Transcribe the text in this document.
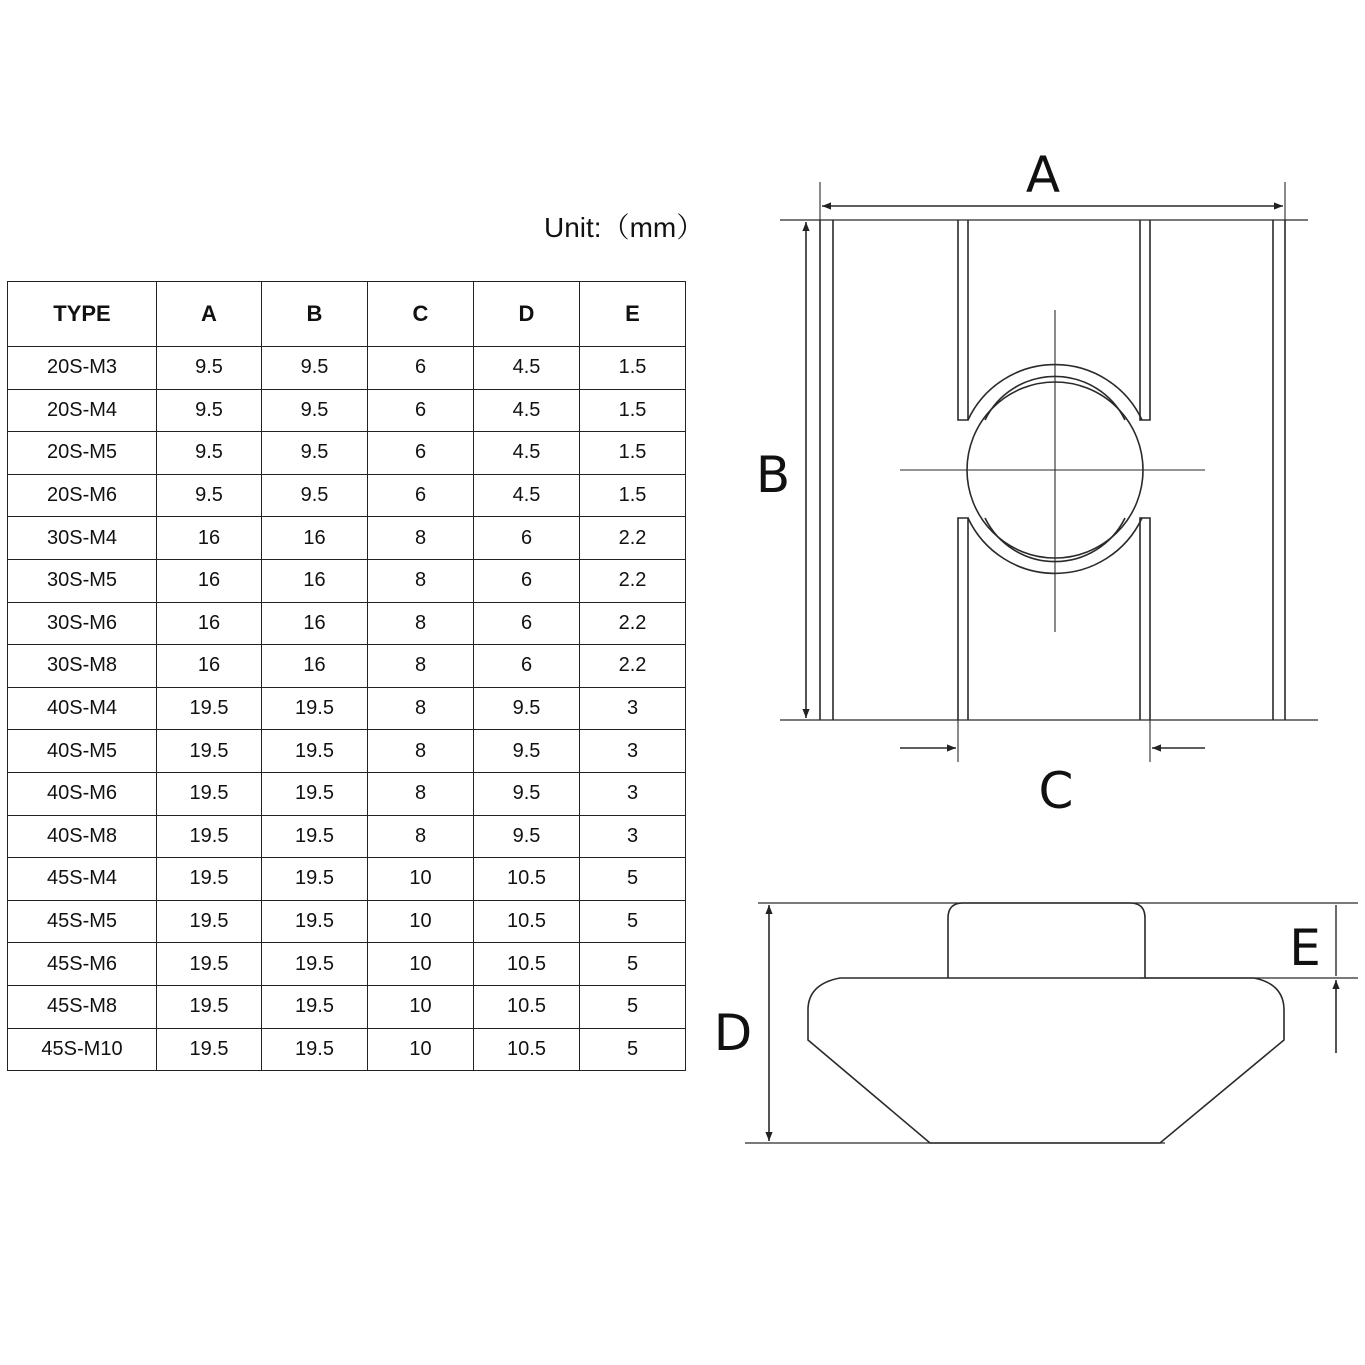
Unit:（mm）
TYPE	A	B	C	D	E
20S-M3	9.5	9.5	6	4.5	1.5
20S-M4	9.5	9.5	6	4.5	1.5
20S-M5	9.5	9.5	6	4.5	1.5
20S-M6	9.5	9.5	6	4.5	1.5
30S-M4	16	16	8	6	2.2
30S-M5	16	16	8	6	2.2
30S-M6	16	16	8	6	2.2
30S-M8	16	16	8	6	2.2
40S-M4	19.5	19.5	8	9.5	3
40S-M5	19.5	19.5	8	9.5	3
40S-M6	19.5	19.5	8	9.5	3
40S-M8	19.5	19.5	8	9.5	3
45S-M4	19.5	19.5	10	10.5	5
45S-M5	19.5	19.5	10	10.5	5
45S-M6	19.5	19.5	10	10.5	5
45S-M8	19.5	19.5	10	10.5	5
45S-M10	19.5	19.5	10	10.5	5
A
B
C
D
E
